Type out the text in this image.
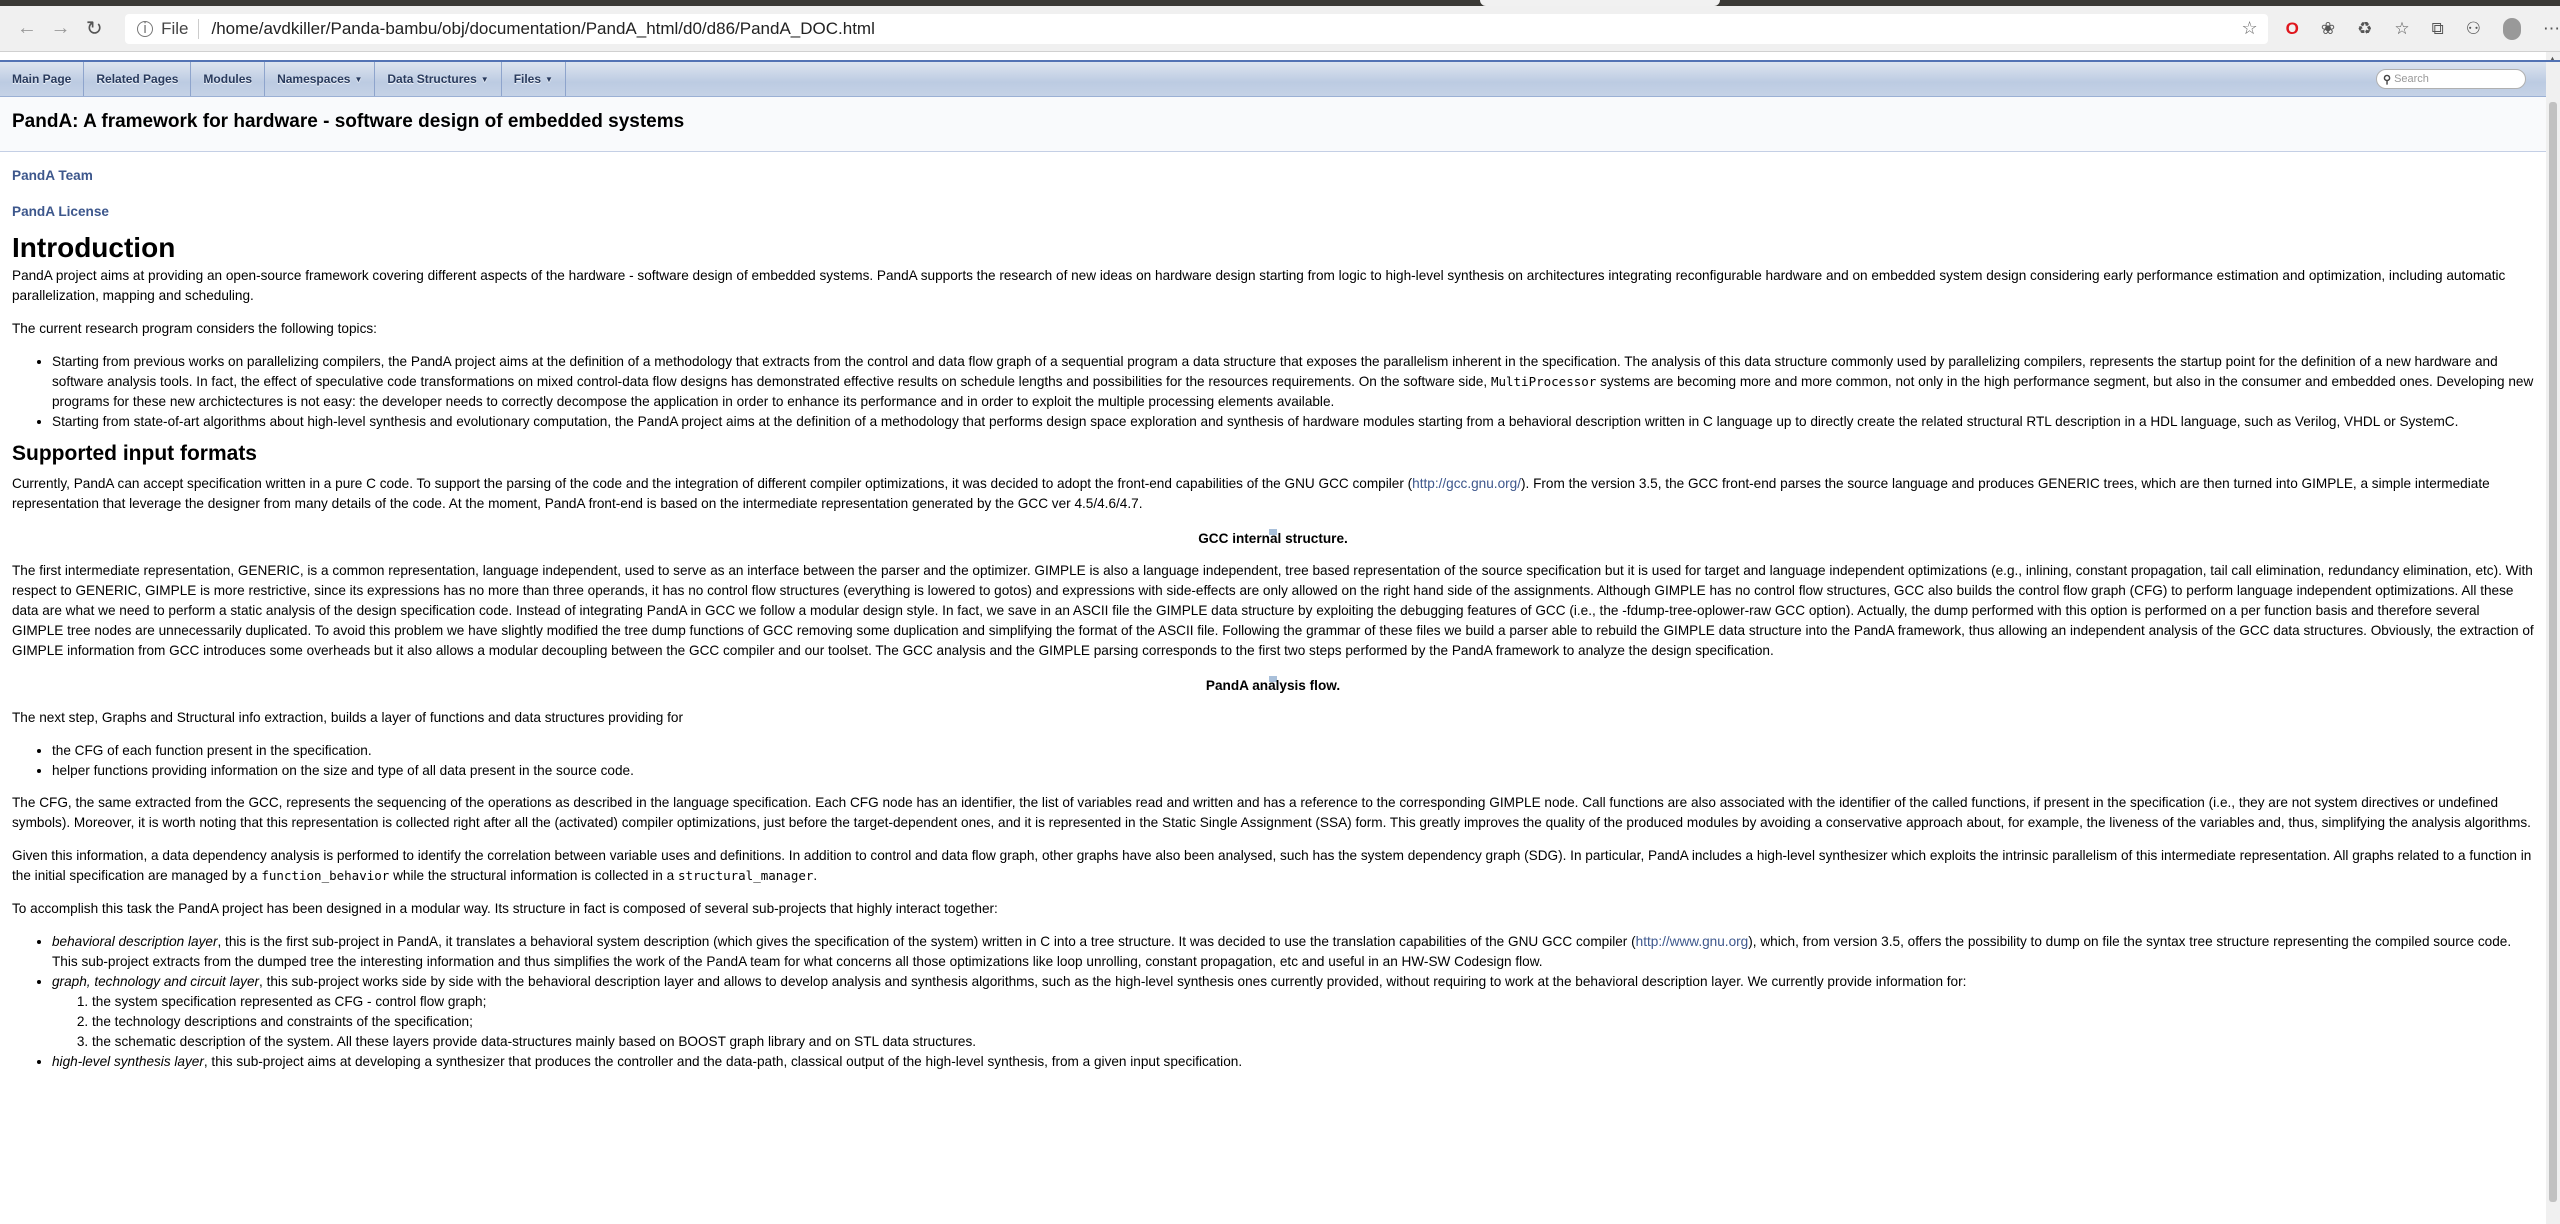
← → ↻	i File	/home/avdkiller/Panda-bambu/obj/documentation/PandA_html/d0/d86/PandA_DOC.html	☆ O ❀ ♻ ☆ ⧉ ⚇	⋯
▲
Main Page Related Pages Modules Namespaces ▼ Data Structures ▼ Files ▼	⚲ Search
PandA: A framework for hardware - software design of embedded systems
PandA Team
PandA License
Introduction

PandA project aims at providing an open-source framework covering different aspects of the hardware - software design of embedded systems. PandA supports the research of new ideas on hardware design starting from logic to high-level synthesis on architectures integrating reconfigurable hardware and on embedded system design considering early performance estimation and optimization, including automatic parallelization, mapping and scheduling.

The current research program considers the following topics:

• Starting from previous works on parallelizing compilers, the PandA project aims at the definition of a methodology that extracts from the control and data flow graph of a sequential program a data structure that exposes the parallelism inherent in the specification. The analysis of this data structure commonly used by parallelizing compilers, represents the startup point for the definition of a new hardware and software analysis tools. In fact, the effect of speculative code transformations on mixed control-data flow designs has demonstrated effective results on schedule lengths and possibilities for the resources requirements. On the software side, MultiProcessor systems are becoming more and more common, not only in the high performance segment, but also in the consumer and embedded ones. Developing new programs for these new archictectures is not easy: the developer needs to correctly decompose the application in order to enhance its performance and in order to exploit the multiple processing elements available.
• Starting from state-of-art algorithms about high-level synthesis and evolutionary computation, the PandA project aims at the definition of a methodology that performs design space exploration and synthesis of hardware modules starting from a behavioral description written in C language up to directly create the related structural RTL description in a HDL language, such as Verilog, VHDL or SystemC.
Supported input formats

Currently, PandA can accept specification written in a pure C code. To support the parsing of the code and the integration of different compiler optimizations, it was decided to adopt the front-end capabilities of the GNU GCC compiler (http://gcc.gnu.org/). From the version 3.5, the GCC front-end parses the source language and produces GENERIC trees, which are then turned into GIMPLE, a simple intermediate representation that leverage the designer from many details of the code. At the moment, PandA front-end is based on the intermediate representation generated by the GCC ver 4.5/4.6/4.7.

GCC internal structure.

The first intermediate representation, GENERIC, is a common representation, language independent, used to serve as an interface between the parser and the optimizer. GIMPLE is also a language independent, tree based representation of the source specification but it is used for target and language independent optimizations (e.g., inlining, constant propagation, tail call elimination, redundancy elimination, etc). With respect to GENERIC, GIMPLE is more restrictive, since its expressions has no more than three operands, it has no control flow structures (everything is lowered to gotos) and expressions with side-effects are only allowed on the right hand side of the assignments. Although GIMPLE has no control flow structures, GCC also builds the control flow graph (CFG) to perform language independent optimizations. All these data are what we need to perform a static analysis of the design specification code. Instead of integrating PandA in GCC we follow a modular design style. In fact, we save in an ASCII file the GIMPLE data structure by exploiting the debugging features of GCC (i.e., the -fdump-tree-oplower-raw GCC option). Actually, the dump performed with this option is performed on a per function basis and therefore several GIMPLE tree nodes are unnecessarily duplicated. To avoid this problem we have slightly modified the tree dump functions of GCC removing some duplication and simplifying the format of the ASCII file. Following the grammar of these files we build a parser able to rebuild the GIMPLE data structure into the PandA framework, thus allowing an independent analysis of the GCC data structures. Obviously, the extraction of GIMPLE information from GCC introduces some overheads but it also allows a modular decoupling between the GCC compiler and our toolset. The GCC analysis and the GIMPLE parsing corresponds to the first two steps performed by the PandA framework to analyze the design specification.

PandA analysis flow.

The next step, Graphs and Structural info extraction, builds a layer of functions and data structures providing for

• the CFG of each function present in the specification.
• helper functions providing information on the size and type of all data present in the source code.

The CFG, the same extracted from the GCC, represents the sequencing of the operations as described in the language specification. Each CFG node has an identifier, the list of variables read and written and has a reference to the corresponding GIMPLE node. Call functions are also associated with the identifier of the called functions, if present in the specification (i.e., they are not system directives or undefined symbols). Moreover, it is worth noting that this representation is collected right after all the (activated) compiler optimizations, just before the target-dependent ones, and it is represented in the Static Single Assignment (SSA) form. This greatly improves the quality of the produced modules by avoiding a conservative approach about, for example, the liveness of the variables and, thus, simplifying the analysis algorithms.

Given this information, a data dependency analysis is performed to identify the correlation between variable uses and definitions. In addition to control and data flow graph, other graphs have also been analysed, such has the system dependency graph (SDG). In particular, PandA includes a high-level synthesizer which exploits the intrinsic parallelism of this intermediate representation. All graphs related to a function in the initial specification are managed by a function_behavior while the structural information is collected in a structural_manager.

To accomplish this task the PandA project has been designed in a modular way. Its structure in fact is composed of several sub-projects that highly interact together:

• behavioral description layer, this is the first sub-project in PandA, it translates a behavioral system description (which gives the specification of the system) written in C into a tree structure. It was decided to use the translation capabilities of the GNU GCC compiler (http://www.gnu.org), which, from version 3.5, offers the possibility to dump on file the syntax tree structure representing the compiled source code. This sub-project extracts from the dumped tree the interesting information and thus simplifies the work of the PandA team for what concerns all those optimizations like loop unrolling, constant propagation, etc and useful in an HW-SW Codesign flow.
• graph, technology and circuit layer, this sub-project works side by side with the behavioral description layer and allows to develop analysis and synthesis algorithms, such as the high-level synthesis ones currently provided, without requiring to work at the behavioral description layer. We currently provide information for:
1. the system specification represented as CFG - control flow graph;
2. the technology descriptions and constraints of the specification;
3. the schematic description of the system. All these layers provide data-structures mainly based on BOOST graph library and on STL data structures.
• high-level synthesis layer, this sub-project aims at developing a synthesizer that produces the controller and the data-path, classical output of the high-level synthesis, from a given input specification.
